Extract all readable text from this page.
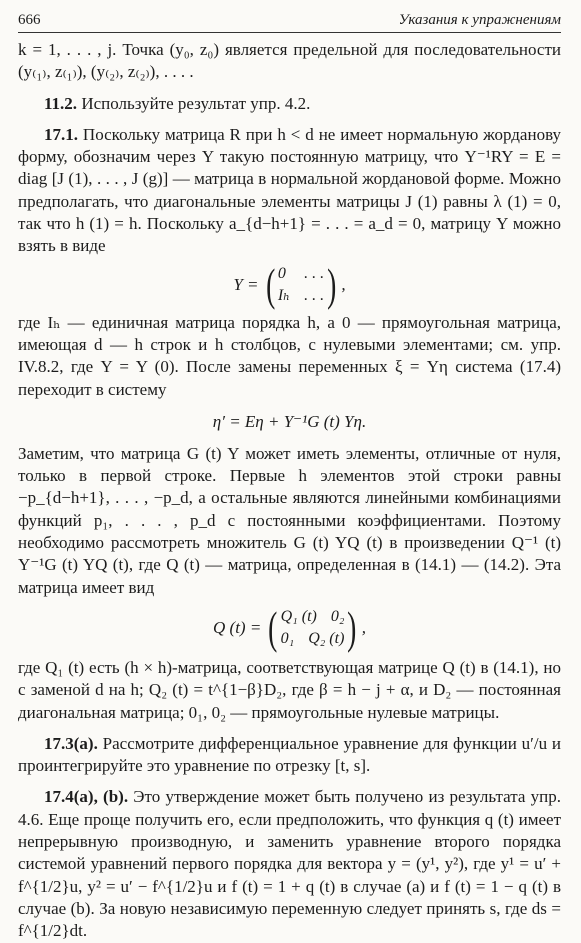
666	Указания к упражнениям

k = 1, . . . , j. Точка (y₀, z₀) является предельной для последовательности (y₍₁₎, z₍₁₎), (y₍₂₎, z₍₂₎), . . . .

11.2. Используйте результат упр. 4.2.

17.1. Поскольку матрица R при h < d не имеет нормальную жорданову форму, обозначим через Y такую постоянную матрицу, что Y⁻¹RY = E = diag [J (1), . . . , J (g)] — матрица в нормальной жордановой форме. Можно предполагать, что диагональные элементы матрицы J (1) равны λ (1) = 0, так что h (1) = h. Поскольку a_{d−h+1} = . . . = a_d = 0, матрицу Y можно взять в виде

Y = ( 0 . . .
Iₕ . . . ) ,

где Iₕ — единичная матрица порядка h, а 0 — прямоугольная матрица, имеющая d — h строк и h столбцов, с нулевыми элементами; см. упр. IV.8.2, где Y = Y (0). После замены переменных ξ = Yη система (17.4) переходит в систему

η′ = Eη + Y⁻¹G (t) Yη.

Заметим, что матрица G (t) Y может иметь элементы, отличные от нуля, только в первой строке. Первые h элементов этой строки равны −p_{d−h+1}, . . . , −p_d, а остальные являются линейными комбинациями функций p₁, . . . , p_d с постоянными коэффициентами. Поэтому необходимо рассмотреть множитель G (t) YQ (t) в произведении Q⁻¹ (t) Y⁻¹G (t) YQ (t), где Q (t) — матрица, определенная в (14.1) — (14.2). Эта матрица имеет вид

Q (t) = ( Q₁ (t) 0₂
0₁ Q₂ (t) ) ,

где Q₁ (t) есть (h × h)-матрица, соответствующая матрице Q (t) в (14.1), но с заменой d на h; Q₂ (t) = t^{1−β}D₂, где β = h − j + α, и D₂ — постоянная диагональная матрица; 0₁, 0₂ — прямоугольные нулевые матрицы.

17.3(a). Рассмотрите дифференциальное уравнение для функции u′/u и проинтегрируйте это уравнение по отрезку [t, s].

17.4(a), (b). Это утверждение может быть получено из результата упр. 4.6. Еще проще получить его, если предположить, что функция q (t) имеет непрерывную производную, и заменить уравнение второго порядка системой уравнений первого порядка для вектора y = (y¹, y²), где y¹ = u′ + f^{1/2}u, y² = u′ − f^{1/2}u и f (t) = 1 + q (t) в случае (a) и f (t) = 1 − q (t) в случае (b). За новую независимую переменную следует принять s, где ds = f^{1/2}dt.
